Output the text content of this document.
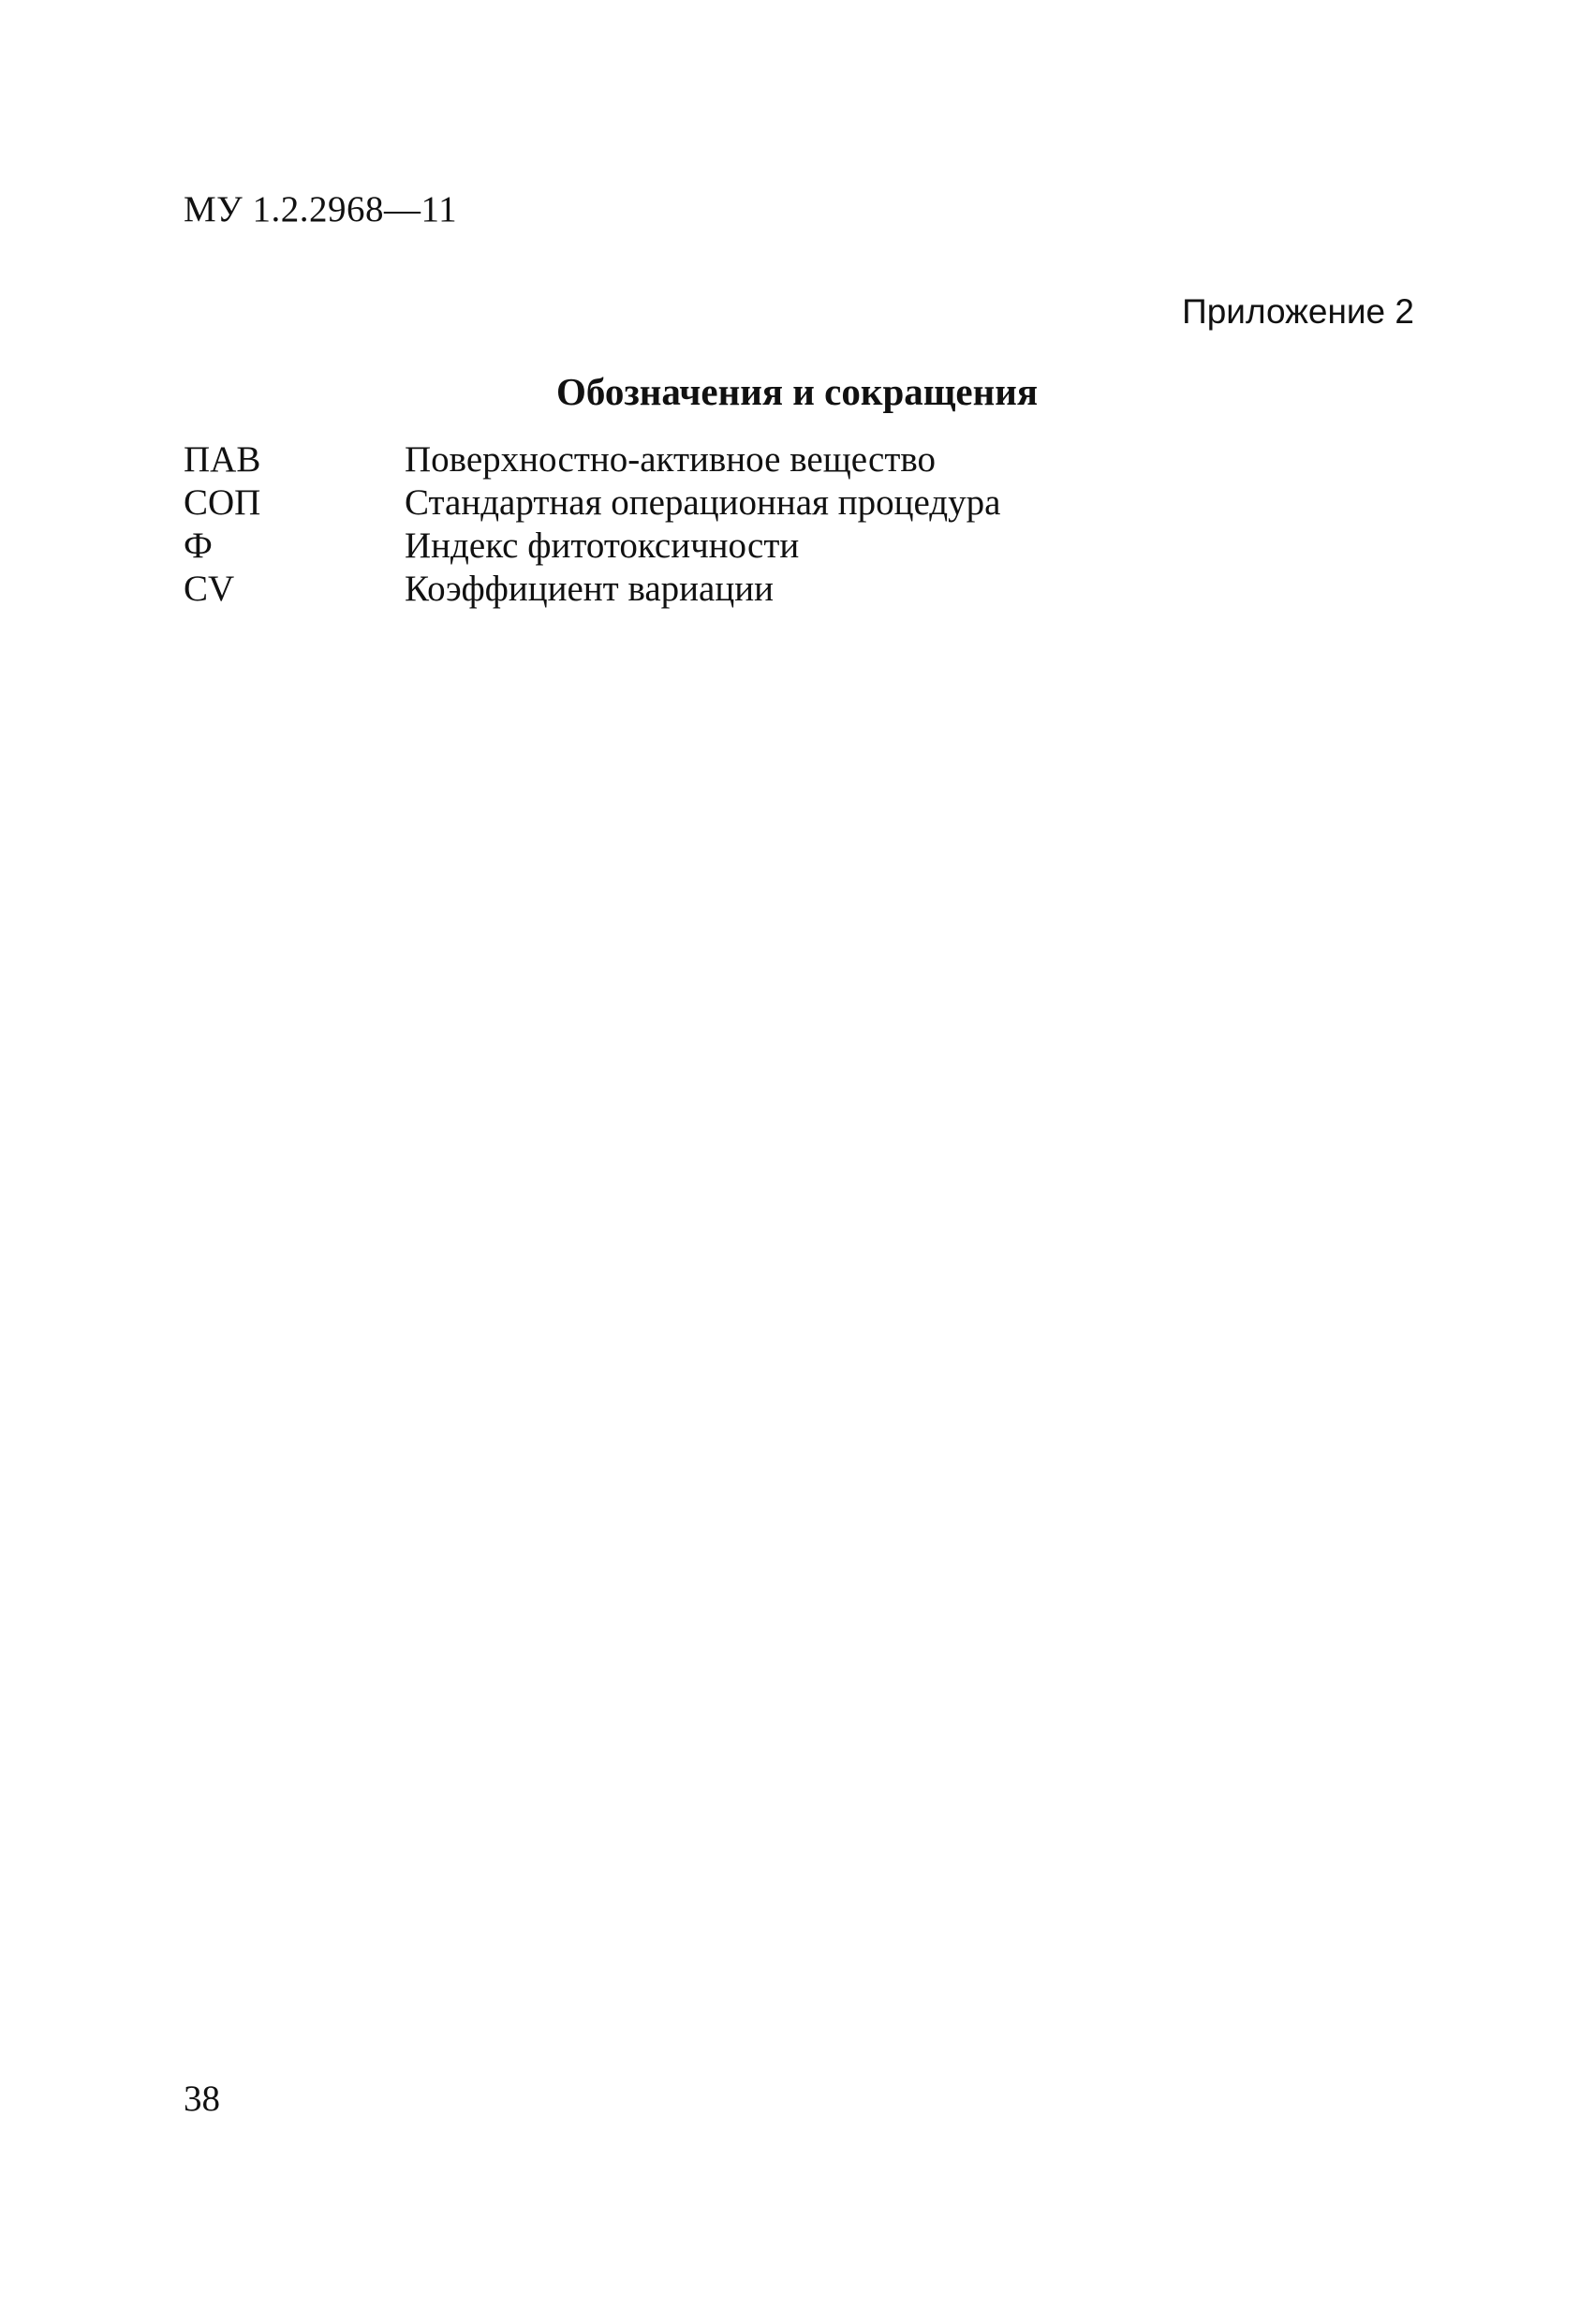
МУ 1.2.2968—11
Приложение 2
Обозначения и сокращения
ПАВ	Поверхностно-активное вещество
СОП	Стандартная операционная процедура
Ф	Индекс фитотоксичности
CV	Коэффициент вариации
38
